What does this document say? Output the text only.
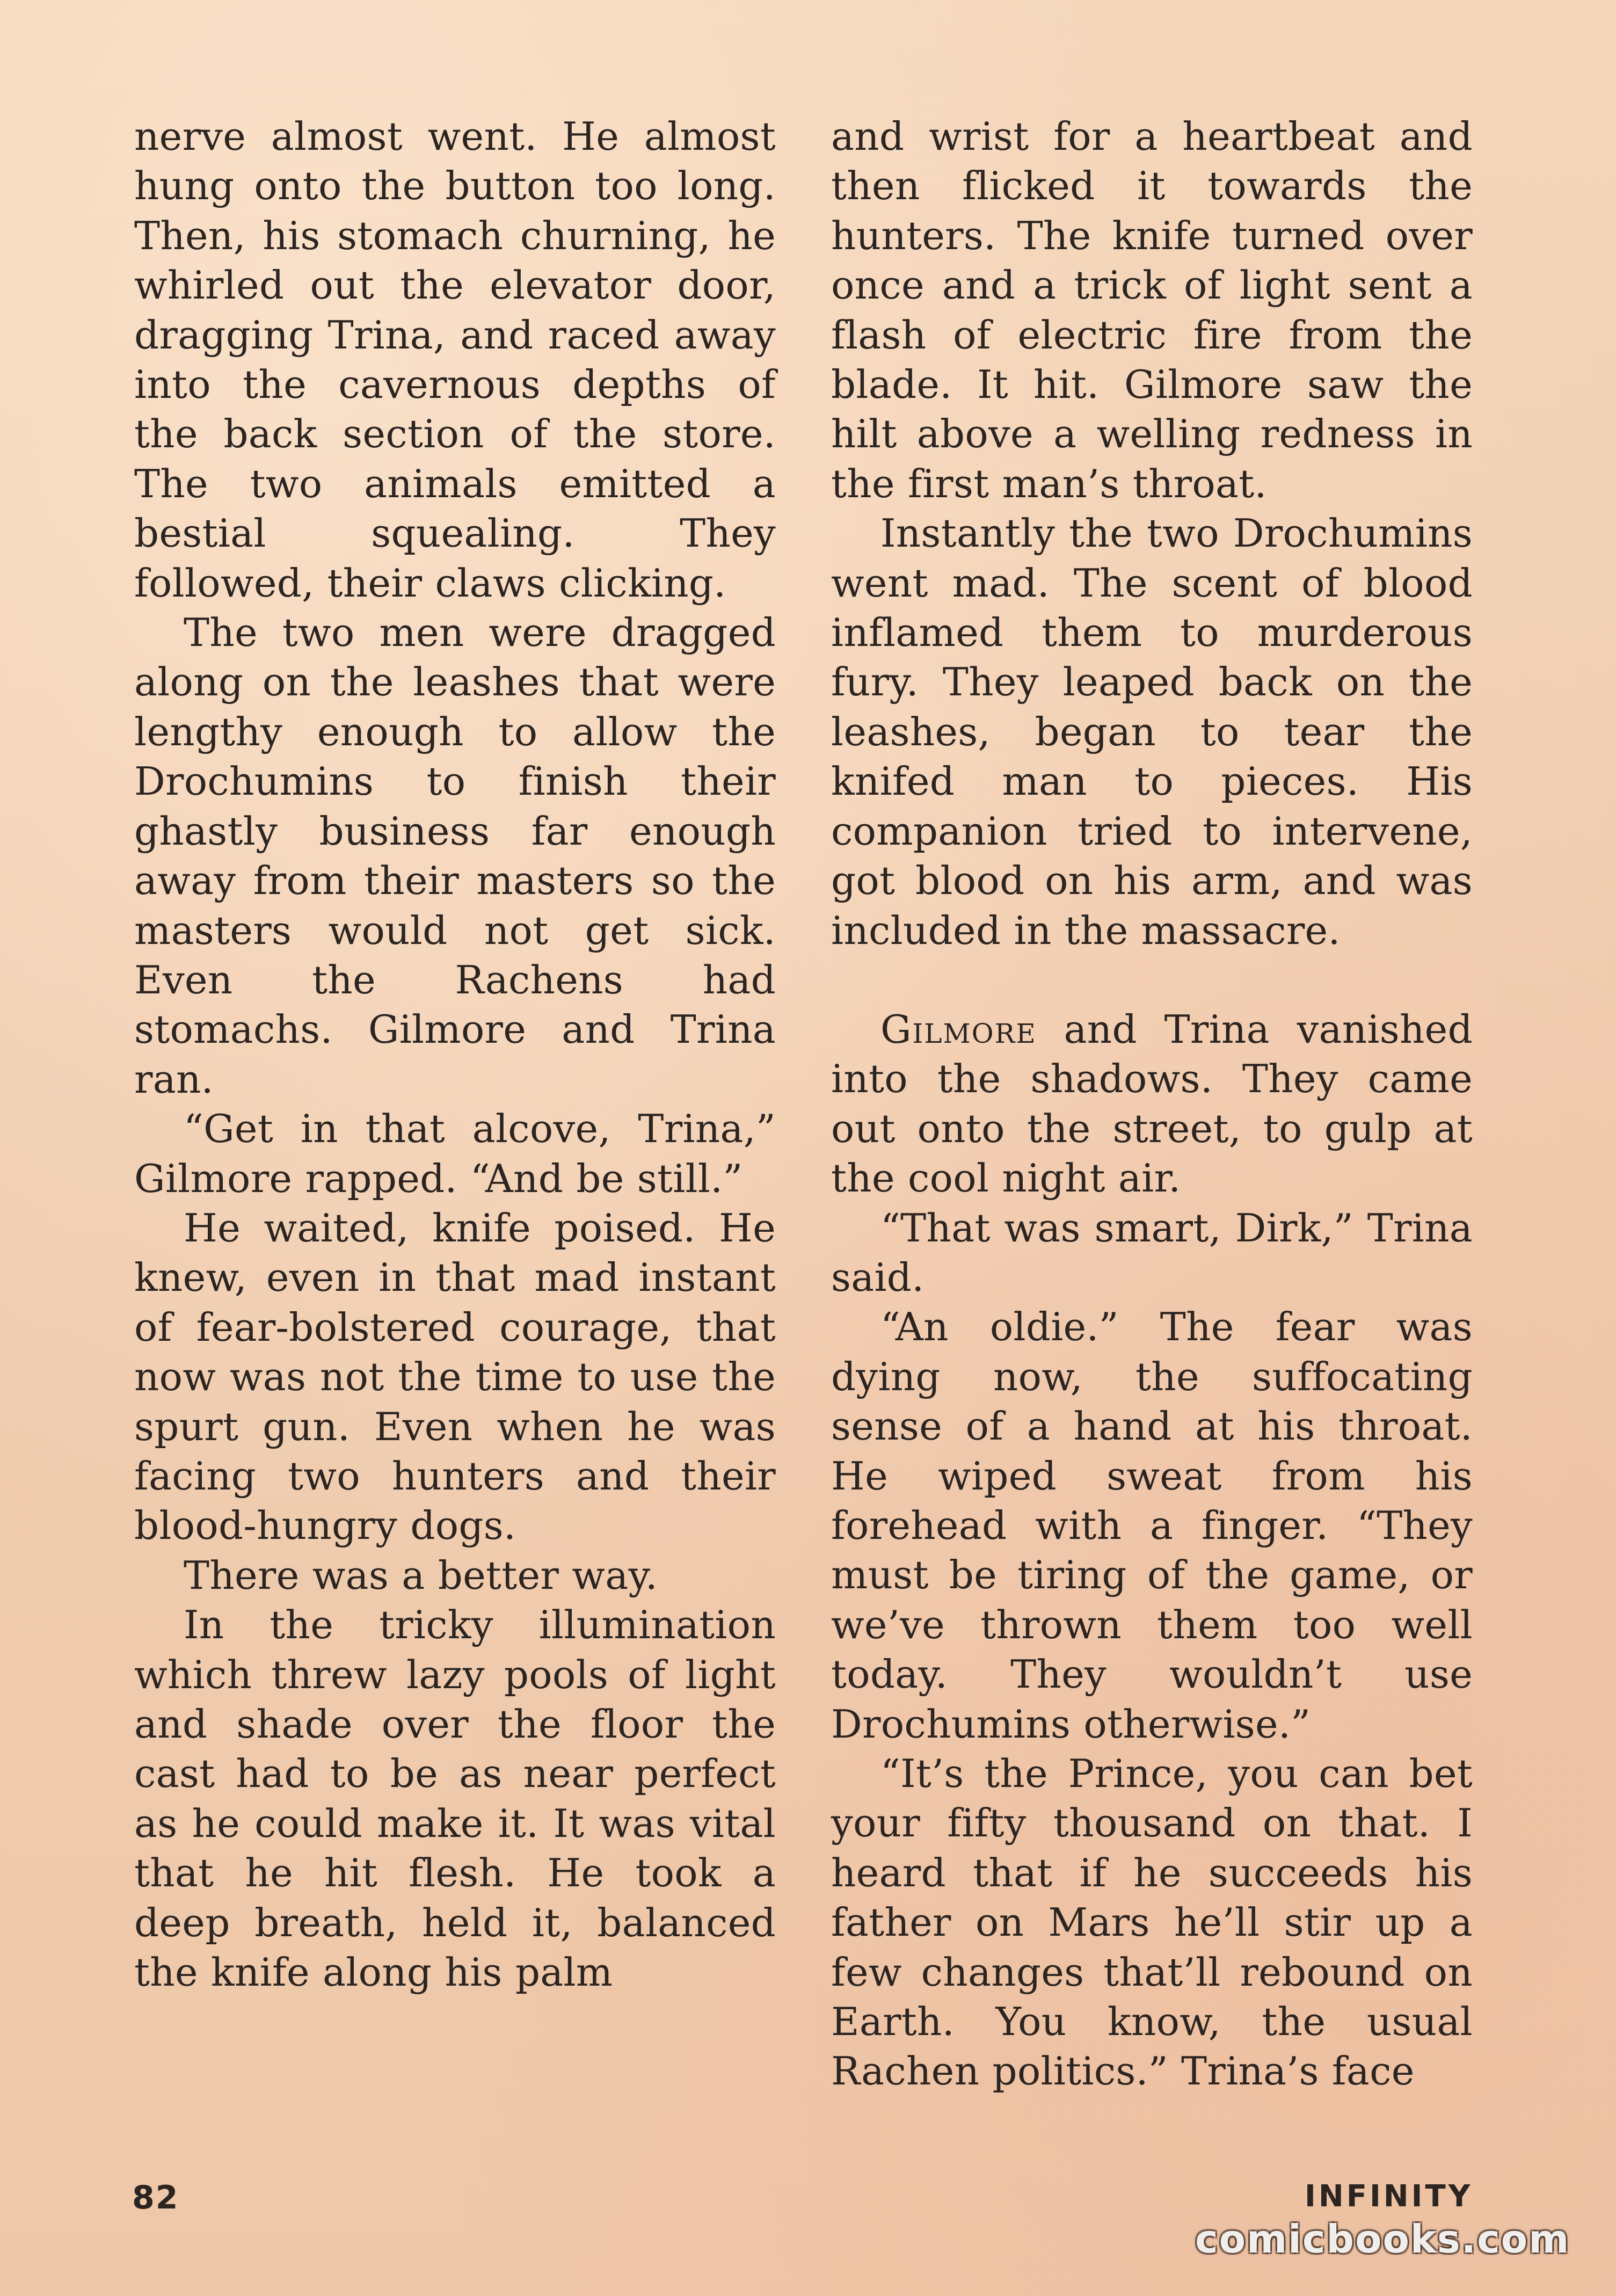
nerve almost went. He almost hung onto the button too long. Then, his stomach churning, he whirled out the elevator door, dragging Trina, and raced away into the cavernous depths of the back section of the store. The two animals emitted a bestial squealing. They followed, their claws clicking.

The two men were dragged along on the leashes that were lengthy enough to allow the Drochumins to finish their ghastly business far enough away from their masters so the masters would not get sick. Even the Rachens had stomachs. Gilmore and Trina ran.

“Get in that alcove, Trina,” Gilmore rapped. “And be still.”

He waited, knife poised. He knew, even in that mad instant of fear-bolstered courage, that now was not the time to use the spurt gun. Even when he was facing two hunters and their blood-hungry dogs.

There was a better way.

In the tricky illumination which threw lazy pools of light and shade over the floor the cast had to be as near perfect as he could make it. It was vital that he hit flesh. He took a deep breath, held it, balanced the knife along his palm

and wrist for a heartbeat and then flicked it towards the hunters. The knife turned over once and a trick of light sent a flash of electric fire from the blade. It hit. Gilmore saw the hilt above a welling redness in the first man’s throat.

Instantly the two Drochumins went mad. The scent of blood inflamed them to murderous fury. They leaped back on the leashes, began to tear the knifed man to pieces. His companion tried to intervene, got blood on his arm, and was included in the massacre.

Gilmore and Trina vanished into the shadows. They came out onto the street, to gulp at the cool night air.

“That was smart, Dirk,” Trina said.

“An oldie.” The fear was dying now, the suffocating sense of a hand at his throat. He wiped sweat from his forehead with a finger. “They must be tiring of the game, or we’ve thrown them too well today. They wouldn’t use Drochumins otherwise.”

“It’s the Prince, you can bet your fifty thousand on that. I heard that if he succeeds his father on Mars he’ll stir up a few changes that’ll rebound on Earth. You know, the usual Rachen politics.” Trina’s face

82	INFINITY
comicbooks.com
